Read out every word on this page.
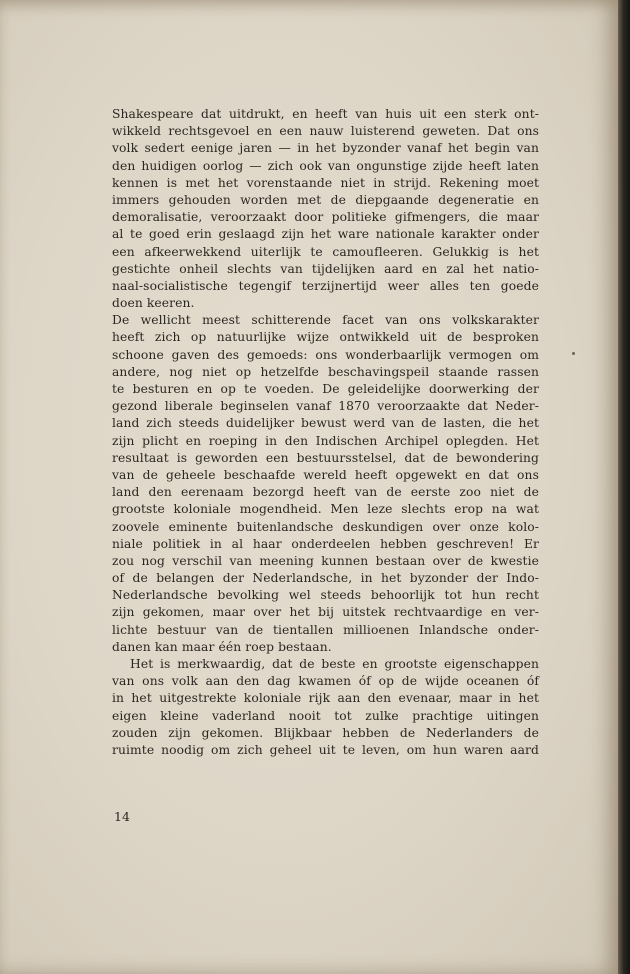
Shakespeare dat uitdrukt, en heeft van huis uit een sterk ont-
wikkeld rechtsgevoel en een nauw luisterend geweten. Dat ons
volk sedert eenige jaren — in het byzonder vanaf het begin van
den huidigen oorlog — zich ook van ongunstige zijde heeft laten
kennen is met het vorenstaande niet in strijd. Rekening moet
immers gehouden worden met de diepgaande degeneratie en
demoralisatie, veroorzaakt door politieke gifmengers, die maar
al te goed erin geslaagd zijn het ware nationale karakter onder
een afkeerwekkend uiterlijk te camoufleeren. Gelukkig is het
gestichte onheil slechts van tijdelijken aard en zal het natio-
naal-socialistische tegengif terzijnertijd weer alles ten goede
doen keeren.
De wellicht meest schitterende facet van ons volkskarakter
heeft zich op natuurlijke wijze ontwikkeld uit de besproken
schoone gaven des gemoeds: ons wonderbaarlijk vermogen om
andere, nog niet op hetzelfde beschavingspeil staande rassen
te besturen en op te voeden. De geleidelijke doorwerking der
gezond liberale beginselen vanaf 1870 veroorzaakte dat Neder-
land zich steeds duidelijker bewust werd van de lasten, die het
zijn plicht en roeping in den Indischen Archipel oplegden. Het
resultaat is geworden een bestuursstelsel, dat de bewondering
van de geheele beschaafde wereld heeft opgewekt en dat ons
land den eerenaam bezorgd heeft van de eerste zoo niet de
grootste koloniale mogendheid. Men leze slechts erop na wat
zoovele eminente buitenlandsche deskundigen over onze kolo-
niale politiek in al haar onderdeelen hebben geschreven! Er
zou nog verschil van meening kunnen bestaan over de kwestie
of de belangen der Nederlandsche, in het byzonder der Indo-
Nederlandsche bevolking wel steeds behoorlijk tot hun recht
zijn gekomen, maar over het bij uitstek rechtvaardige en ver-
lichte bestuur van de tientallen millioenen Inlandsche onder-
danen kan maar één roep bestaan.
Het is merkwaardig, dat de beste en grootste eigenschappen
van ons volk aan den dag kwamen óf op de wijde oceanen óf
in het uitgestrekte koloniale rijk aan den evenaar, maar in het
eigen kleine vaderland nooit tot zulke prachtige uitingen
zouden zijn gekomen. Blijkbaar hebben de Nederlanders de
ruimte noodig om zich geheel uit te leven, om hun waren aard
14
